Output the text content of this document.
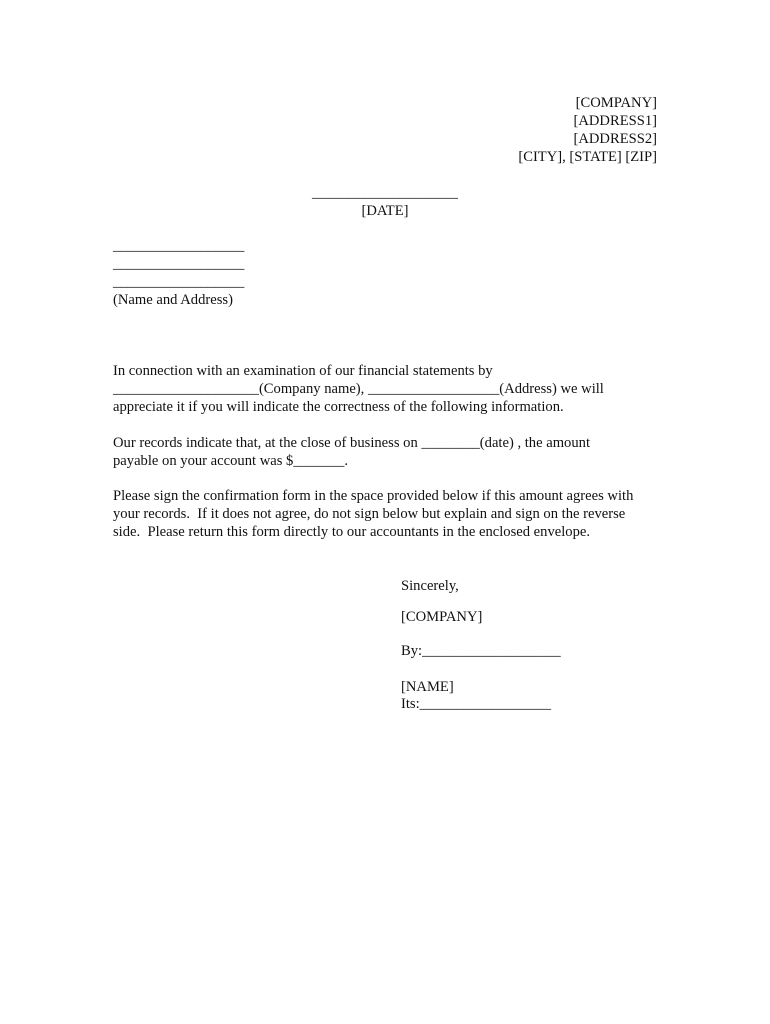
[COMPANY]
[ADDRESS1]
[ADDRESS2]
[CITY], [STATE] [ZIP]
____________________
[DATE]
__________________
__________________
__________________
(Name and Address)
In connection with an examination of our financial statements by
____________________(Company name), __________________(Address) we will
appreciate it if you will indicate the correctness of the following information.
Our records indicate that, at the close of business on ________(date) , the amount
payable on your account was $_______.
Please sign the confirmation form in the space provided below if this amount agrees with
your records.  If it does not agree, do not sign below but explain and sign on the reverse
side.  Please return this form directly to our accountants in the enclosed envelope.
Sincerely,
[COMPANY]
By:___________________
[NAME]
Its:__________________
